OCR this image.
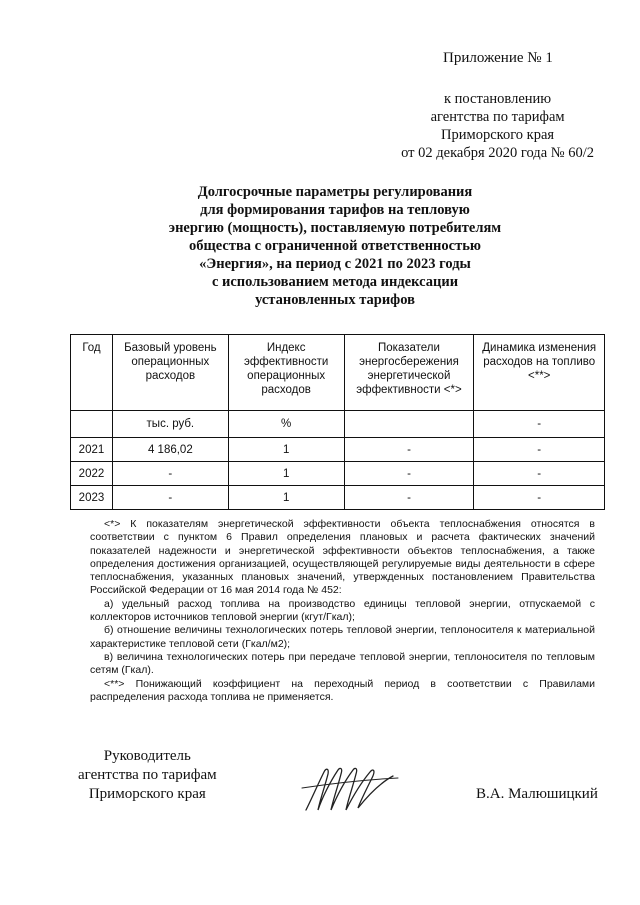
Приложение № 1
к постановлению
агентства по тарифам
Приморского края
от 02 декабря 2020 года № 60/2
Долгосрочные параметры регулирования
для формирования тарифов на тепловую
энергию (мощность), поставляемую потребителям
общества с ограниченной ответственностью
«Энергия», на период с 2021 по 2023 годы
с использованием метода индексации
установленных тарифов
Год	Базовый уровень операционных расходов	Индекс эффективности операционных расходов	Показатели энергосбережения энергетической эффективности <*>	Динамика изменения расходов на топливо <**>
	тыс. руб.	%		-
2021	4 186,02	1	-	-
2022	-	1	-	-
2023	-	1	-	-

<*> К показателям энергетической эффективности объекта теплоснабжения относятся в соответствии с пунктом 6 Правил определения плановых и расчета фактических значений показателей надежности и энергетической эффективности объектов теплоснабжения, а также определения достижения организацией, осуществляющей регулируемые виды деятельности в сфере теплоснабжения, указанных плановых значений, утвержденных постановлением Правительства Российской Федерации от 16 мая 2014 года № 452:

а) удельный расход топлива на производство единицы тепловой энергии, отпускаемой с коллекторов источников тепловой энергии (кгут/Гкал);

б) отношение величины технологических потерь тепловой энергии, теплоносителя к материальной характеристике тепловой сети (Гкал/м2);

в) величина технологических потерь при передаче тепловой энергии, теплоносителя по тепловым сетям (Гкал).

<**> Понижающий коэффициент на переходный период в соответствии с Правилами распределения расхода топлива не применяется.

Руководитель
агентства по тарифам
Приморского края	В.А. Малюшицкий
